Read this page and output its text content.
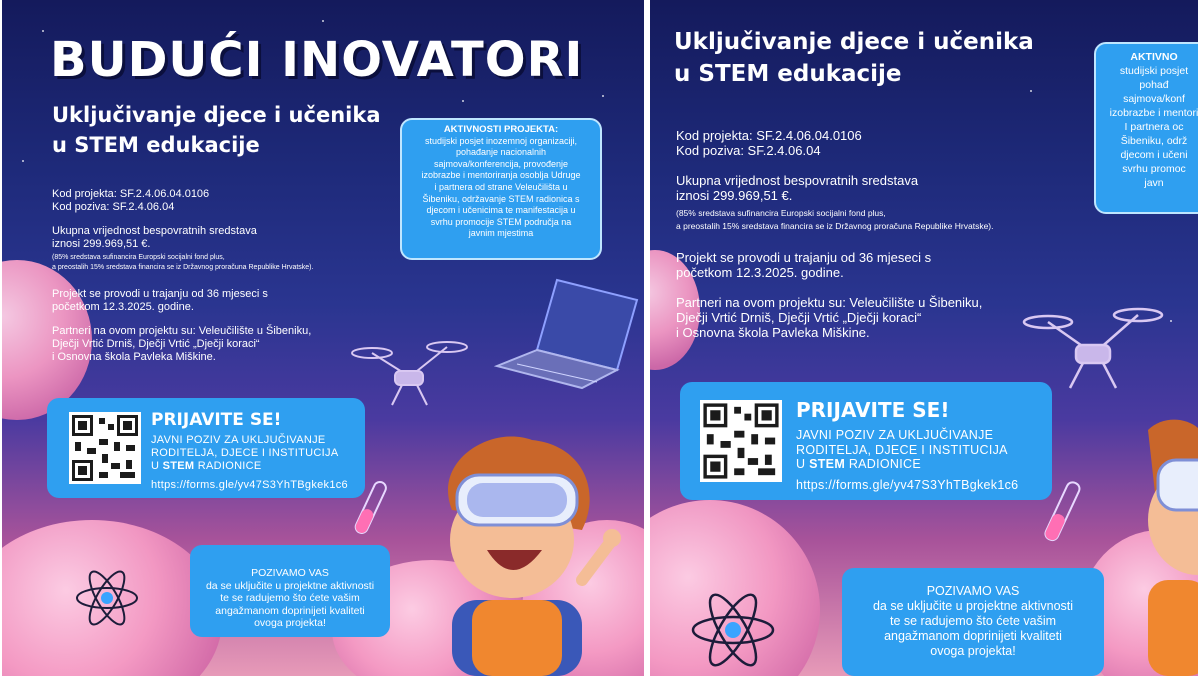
BUDUĆI INOVATORI
Uključivanje djece i učenika
u STEM edukacije
Kod projekta: SF.2.4.06.04.0106
Kod poziva: SF.2.4.06.04
Ukupna vrijednost bespovratnih sredstava
iznosi 299.969,51 €.
(85% sredstava sufinancira Europski socijalni fond plus,
a preostalih 15% sredstava financira se iz Državnog proračuna Republike Hrvatske).
Projekt se provodi u trajanju od 36 mjeseci s
početkom 12.3.2025. godine.
Partneri na ovom projektu su: Veleučilište u Šibeniku,
Dječji Vrtić Drniš, Dječji Vrtić „Dječji koraci“
i Osnovna škola Pavleka Miškine.
AKTIVNOSTI PROJEKTA:
studijski posjet inozemnoj organizaciji,
pohađanje nacionalnih
sajmova/konferencija, provođenje
izobrazbe i mentoriranja osoblja Udruge
i partnera od strane Veleučilišta u
Šibeniku, održavanje STEM radionica s
djecom i učenicima te manifestacija u
svrhu promocije STEM područja na
javnim mjestima
PRIJAVITE SE!
JAVNI POZIV ZA UKLJUČIVANJE
RODITELJA, DJECE I INSTITUCIJA
U STEM RADIONICE
https://forms.gle/yv47S3YhTBgkek1c6
POZIVAMO VAS
da se uključite u projektne aktivnosti
te se radujemo što ćete vašim
angažmanom doprinijeti kvaliteti
ovoga projekta!
Uključivanje djece i učenika
u STEM edukacije
Kod projekta: SF.2.4.06.04.0106
Kod poziva: SF.2.4.06.04
Ukupna vrijednost bespovratnih sredstava
iznosi 299.969,51 €.
(85% sredstava sufinancira Europski socijalni fond plus,
a preostalih 15% sredstava financira se iz Državnog proračuna Republike Hrvatske).
Projekt se provodi u trajanju od 36 mjeseci s
početkom 12.3.2025. godine.
Partneri na ovom projektu su: Veleučilište u Šibeniku,
Dječji Vrtić Drniš, Dječji Vrtić „Dječji koraci“
i Osnovna škola Pavleka Miškine.
AKTIVNO
studijski posjet
pohađ
sajmova/konf
izobrazbe i mentori
I partnera oc
Šibeniku, održ
djecom i učeni
svrhu promoc
javn
PRIJAVITE SE!
JAVNI POZIV ZA UKLJUČIVANJE
RODITELJA, DJECE I INSTITUCIJA
U STEM RADIONICE
https://forms.gle/yv47S3YhTBgkek1c6
POZIVAMO VAS
da se uključite u projektne aktivnosti
te se radujemo što ćete vašim
angažmanom doprinijeti kvaliteti
ovoga projekta!
